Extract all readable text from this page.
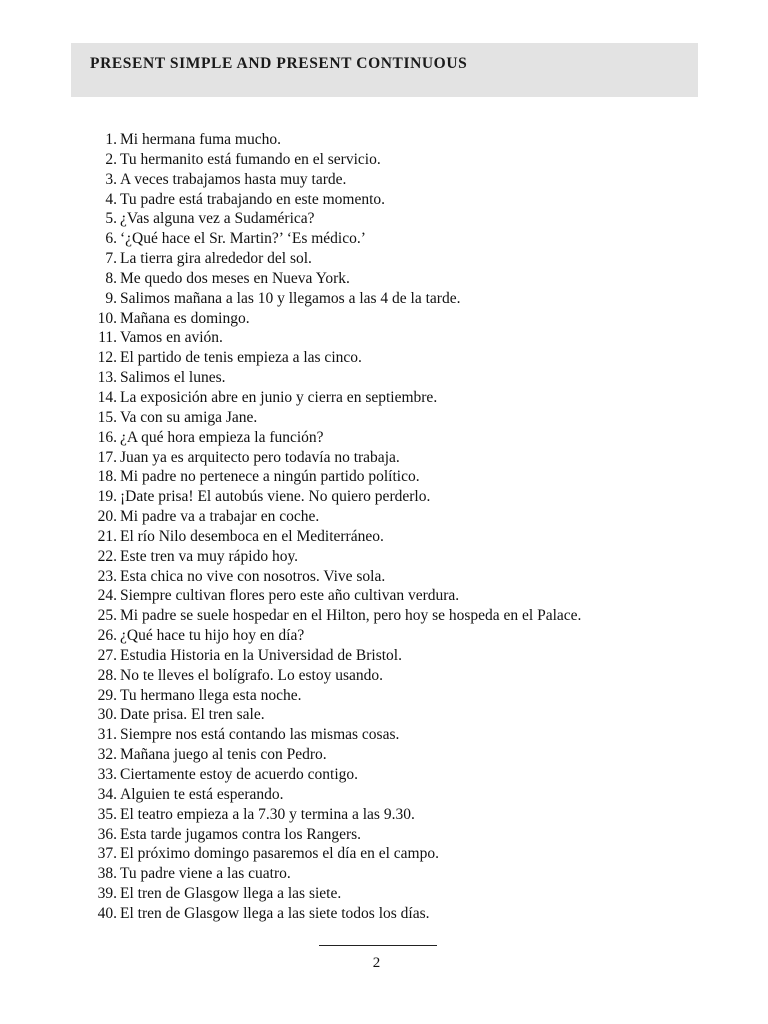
PRESENT SIMPLE AND PRESENT CONTINUOUS
1. Mi hermana fuma mucho.
2. Tu hermanito está fumando en el servicio.
3. A veces trabajamos hasta muy tarde.
4. Tu padre está trabajando en este momento.
5. ¿Vas alguna vez a Sudamérica?
6. ‘¿Qué hace el Sr. Martin?’ ‘Es médico.’
7. La tierra gira alrededor del sol.
8. Me quedo dos meses en Nueva York.
9. Salimos mañana a las 10 y llegamos a las 4 de la tarde.
10. Mañana es domingo.
11. Vamos en avión.
12. El partido de tenis empieza a las cinco.
13. Salimos el lunes.
14. La exposición abre en junio y cierra en septiembre.
15. Va con su amiga Jane.
16. ¿A qué hora empieza la función?
17. Juan ya es arquitecto pero todavía no trabaja.
18. Mi padre no pertenece a ningún partido político.
19. ¡Date prisa! El autobús viene. No quiero perderlo.
20. Mi padre va a trabajar en coche.
21. El río Nilo desemboca en el Mediterráneo.
22. Este tren va muy rápido hoy.
23. Esta chica no vive con nosotros. Vive sola.
24. Siempre cultivan flores pero este año cultivan verdura.
25. Mi padre se suele hospedar en el Hilton, pero hoy se hospeda en el Palace.
26. ¿Qué hace tu hijo hoy en día?
27. Estudia Historia en la Universidad de Bristol.
28. No te lleves el bolígrafo. Lo estoy usando.
29. Tu hermano llega esta noche.
30. Date prisa. El tren sale.
31. Siempre nos está contando las mismas cosas.
32. Mañana juego al tenis con Pedro.
33. Ciertamente estoy de acuerdo contigo.
34. Alguien te está esperando.
35. El teatro empieza a la 7.30 y termina a las 9.30.
36. Esta tarde jugamos contra los Rangers.
37. El próximo domingo pasaremos el día en el campo.
38. Tu padre viene a las cuatro.
39. El tren de Glasgow llega a las siete.
40. El tren de Glasgow llega a las siete todos los días.
2
